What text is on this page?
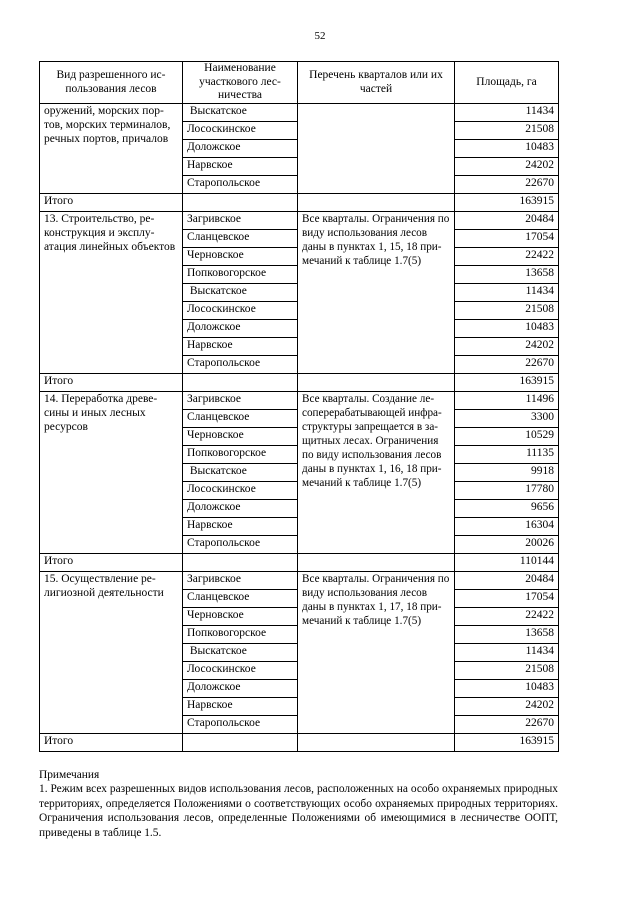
52
Вид разрешенного использования лесов	Наименование участкового лесничества	Перечень кварталов или их частей	Площадь, га
оружений, морских портов, морских терминалов, речных портов, причалов	Выскатское		11434
	Лососкинское		21508
	Доложское		10483
	Нарвское		24202
	Старопольское		22670
Итого			163915
13. Строительство, реконструкция и эксплуатация линейных объектов	Загривское	Все кварталы. Ограничения по виду использования лесов даны в пунктах 1, 15, 18 примечаний к таблице 1.7(5)	20484
	Сланцевское		17054
	Черновское		22422
	Попковогорское		13658
	Выскатское		11434
	Лососкинское		21508
	Доложское		10483
	Нарвское		24202
	Старопольское		22670
Итого			163915
14. Переработка древесины и иных лесных ресурсов	Загривское	Все кварталы. Создание лесоперерабатывающей инфраструктуры запрещается в защитных лесах. Ограничения по виду использования лесов даны в пунктах 1, 16, 18 примечаний к таблице 1.7(5)	11496
	Сланцевское		3300
	Черновское		10529
	Попковогорское		11135
	Выскатское		9918
	Лососкинское		17780
	Доложское		9656
	Нарвское		16304
	Старопольское		20026
Итого			110144
15. Осуществление религиозной деятельности	Загривское	Все кварталы. Ограничения по виду использования лесов даны в пунктах 1, 17, 18 примечаний к таблице 1.7(5)	20484
	Сланцевское		17054
	Черновское		22422
	Попковогорское		13658
	Выскатское		11434
	Лососкинское		21508
	Доложское		10483
	Нарвское		24202
	Старопольское		22670
Итого			163915

Примечания

1. Режим всех разрешенных видов использования лесов, расположенных на особо охраняемых природных территориях, определяется Положениями о соответствующих особо охраняемых природных территориях. Ограничения использования лесов, определенные Положениями об имеющимися в лесничестве ООПТ, приведены в таблице 1.5.
